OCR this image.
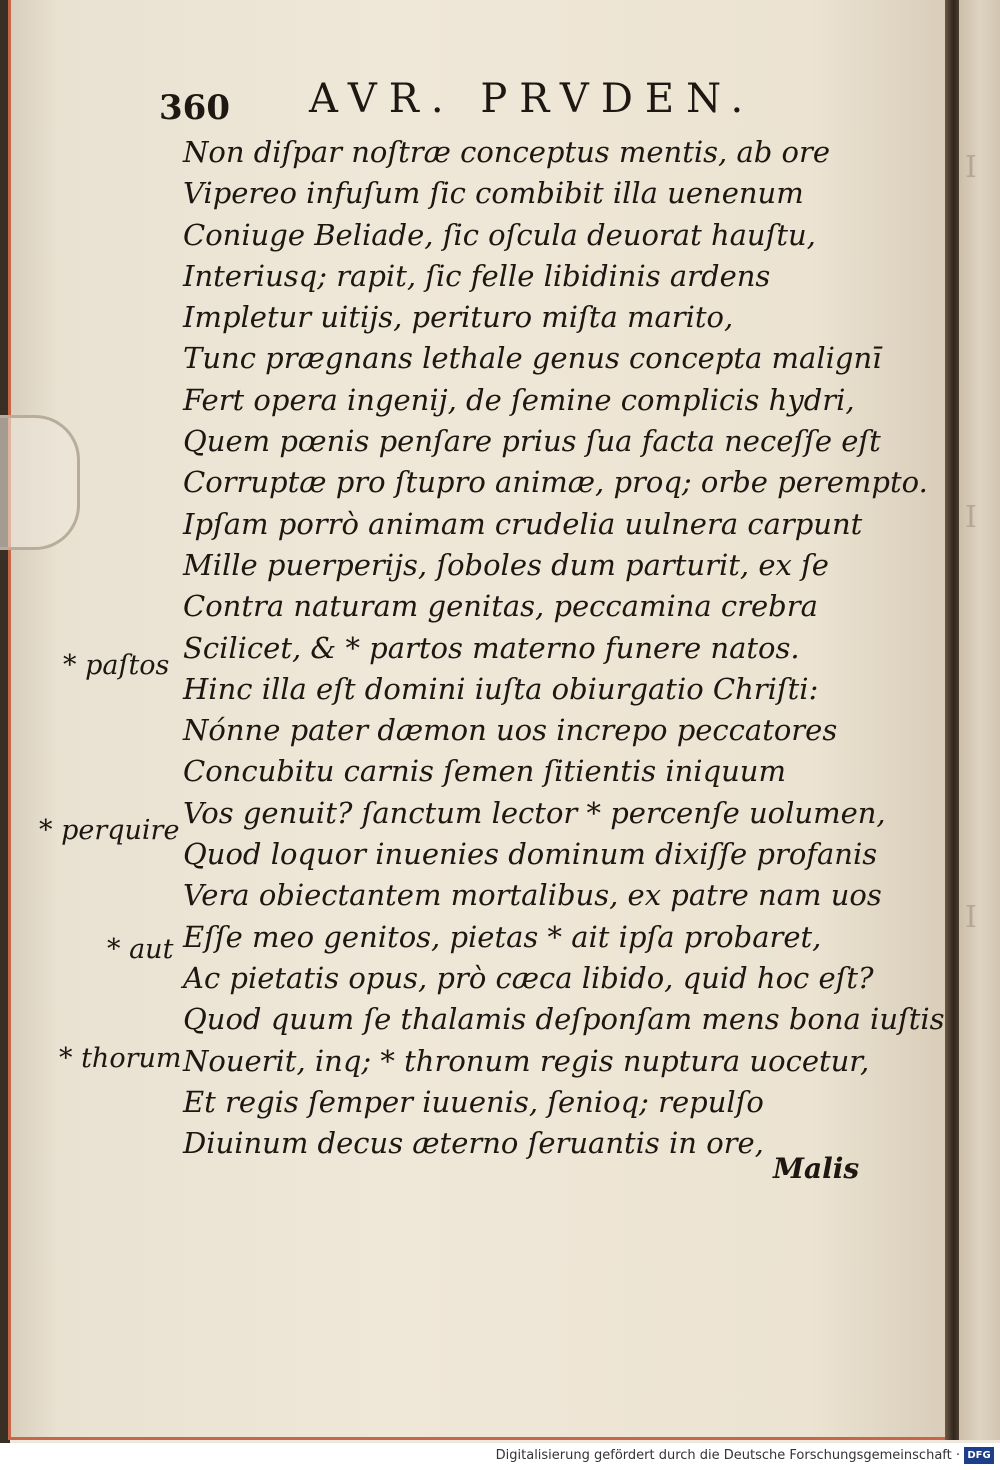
360 AVR. PRVDEN.
Non diſpar noſtræ conceptus mentis, ab ore
Vipereo infuſum ſic combibit illa uenenum
Coniuge Beliade, ſic oſcula deuorat hauſtu,
Interiusq; rapit, ſic felle libidinis ardens
Impletur uitijs, periturο miſta marito,
Tunc prægnans lethale genus concepta malignī
Fert opera ingenij, de ſemine complicis hydri,
Quem pœnis penſare prius ſua facta neceſſe eſt
Corruptæ pro ſtupro animæ, proq; orbe perempto.
Ipſam porrò animam crudelia uulnera carpunt
Mille puerperijs, ſoboles dum parturit, ex ſe
Contra naturam genitas, peccamina crebra
Scilicet, & * partos materno funere natos.
Hinc illa eſt domini iuſta obiurgatio Chriſti:
Nónne pater dæmon uos increpo peccatores
Concubitu carnis ſemen ſitientis iniquum
Vos genuit? ſanctum lector * percenſe uolumen,
Quod loquor inuenies dominum dixiſſe profanis
Vera obiectantem mortalibus, ex patre nam uos
Eſſe meo genitos, pietas * ait ipſa probaret,
Ac pietatis opus, prò cæca libido, quid hoc eſt?
Quod quum ſe thalamis deſponſam mens bona iuſtis
Nouerit, inq; * thronum regis nuptura uocetur,
Et regis ſemper iuuenis, ſenioq; repulſo
Diuinum decus æterno ſeruantis in ore,
* paſtos
* perquire
* aut
* thorum
Malis
I
I
I
Digitalisierung gefördert durch die Deutsche Forschungsgemeinschaft · DFG
